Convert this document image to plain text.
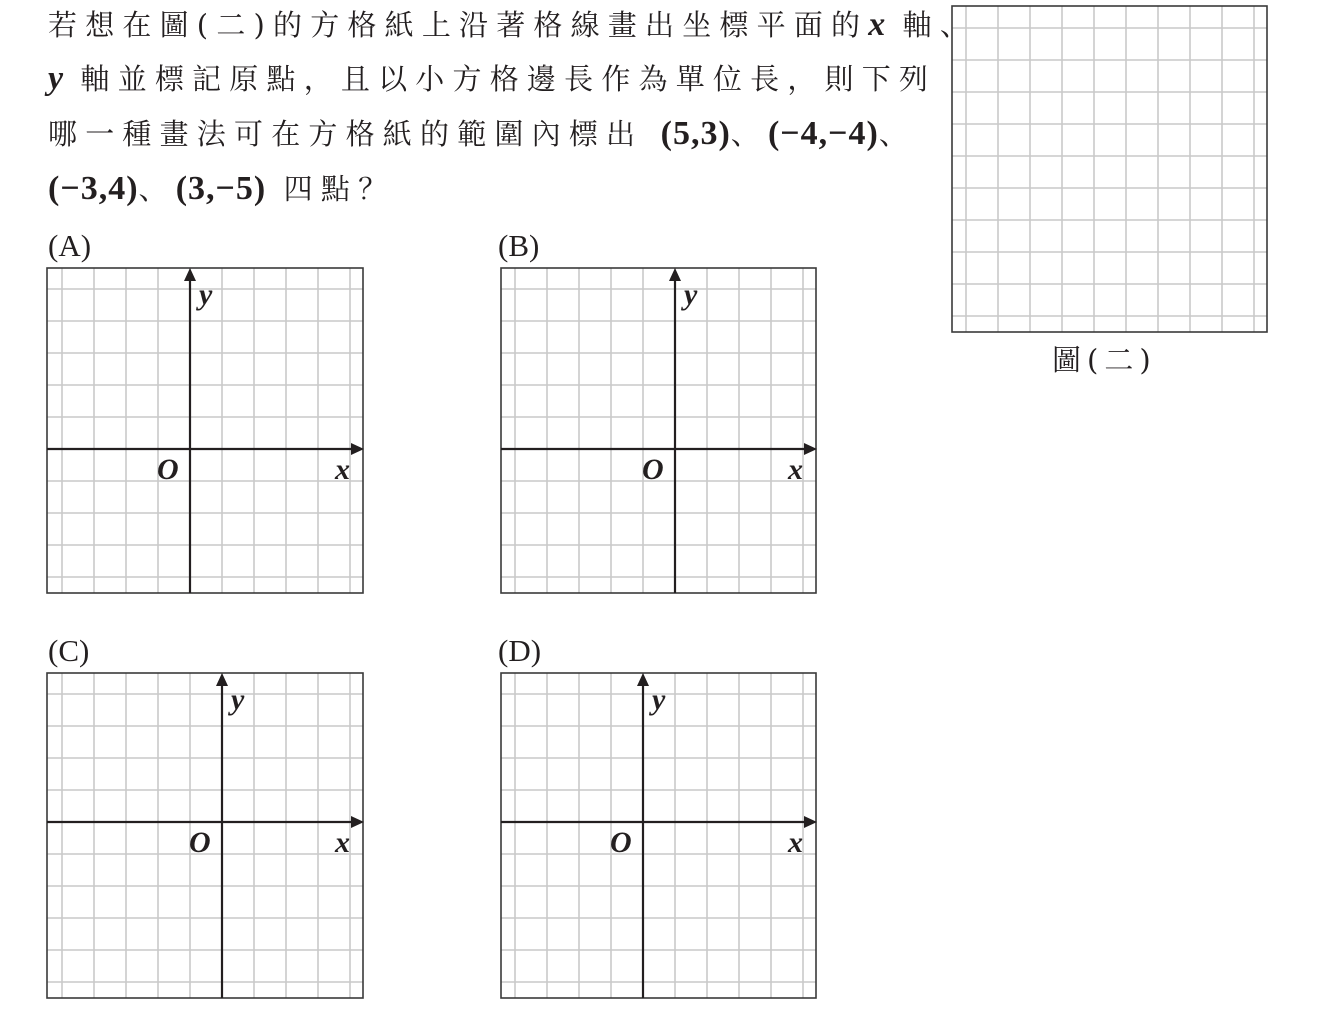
若想在圖(二)的方格紙上沿著格線畫出坐標平面的x 軸、
y 軸並標記原點，且以小方格邊長作為單位長，則下列
哪一種畫法可在方格紙的範圍內標出 (5,3)、(−4,−4)、
(−3,4)、(3,−5) 四點？
圖(二)
(A)
x
y
O
(B)
x
y
O
(C)
x
y
O
(D)
x
y
O
